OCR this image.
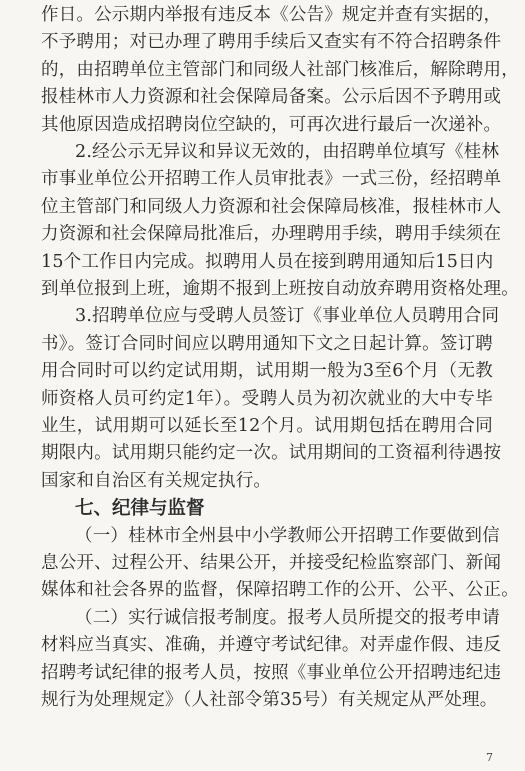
作日。公示期内举报有违反本《公告》规定并查有实据的，
不予聘用；对已办理了聘用手续后又查实有不符合招聘条件
的，由招聘单位主管部门和同级人社部门核准后，解除聘用，
报桂林市人力资源和社会保障局备案。公示后因不予聘用或
其他原因造成招聘岗位空缺的，可再次进行最后一次递补。
2.经公示无异议和异议无效的，由招聘单位填写《桂林
市事业单位公开招聘工作人员审批表》一式三份，经招聘单
位主管部门和同级人力资源和社会保障局核准，报桂林市人
力资源和社会保障局批准后，办理聘用手续，聘用手续须在
15个工作日内完成。拟聘用人员在接到聘用通知后15日内
到单位报到上班，逾期不报到上班按自动放弃聘用资格处理。
3.招聘单位应与受聘人员签订《事业单位人员聘用合同
书》。签订合同时间应以聘用通知下文之日起计算。签订聘
用合同时可以约定试用期，试用期一般为3至6个月（无教
师资格人员可约定1年）。受聘人员为初次就业的大中专毕
业生，试用期可以延长至12个月。试用期包括在聘用合同
期限内。试用期只能约定一次。试用期间的工资福利待遇按
国家和自治区有关规定执行。
七、纪律与监督
（一）桂林市全州县中小学教师公开招聘工作要做到信
息公开、过程公开、结果公开，并接受纪检监察部门、新闻
媒体和社会各界的监督，保障招聘工作的公开、公平、公正。
（二）实行诚信报考制度。报考人员所提交的报考申请
材料应当真实、准确，并遵守考试纪律。对弄虚作假、违反
招聘考试纪律的报考人员，按照《事业单位公开招聘违纪违
规行为处理规定》（人社部令第35号）有关规定从严处理。
7
